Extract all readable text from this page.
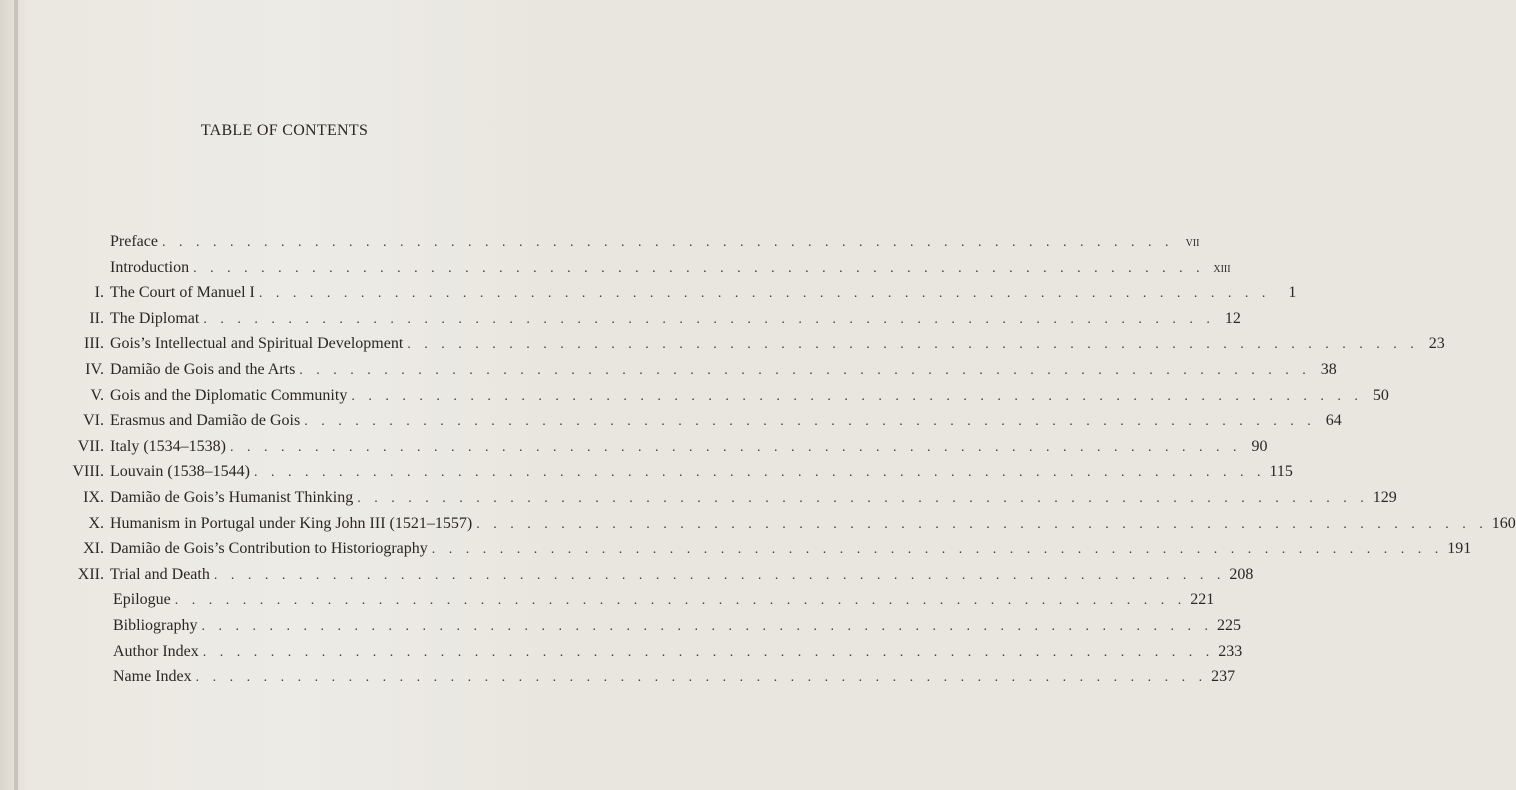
TABLE OF CONTENTS
Preface . . . . . . . . . . . . . . . . . . . . . . . . . . . . . . . . . . . . . . . . . . . . . . . . . . . . . . . . . . . . vii
Introduction . . . . . . . . . . . . . . . . . . . . . . . . . . . . . . . . . . . . . . . . . . . . . . . . . . . . . . . . . . . . xiii
I. The Court of Manuel I . . . . . . . . . . . . . . . . . . . . . . . . . . . . . . . . . . . . . . . . . . . . . . . . . . . . . . . . . . . .	1
II. The Diplomat . . . . . . . . . . . . . . . . . . . . . . . . . . . . . . . . . . . . . . . . . . . . . . . . . . . . . . . . . . . . 12
III. Gois’s Intellectual and Spiritual Development . . . . . . . . . . . . . . . . . . . . . . . . . . . . . . . . . . . . . . . . . . . . . . . . . . . . . . . . . . . . 23
IV. Damião de Gois and the Arts . . . . . . . . . . . . . . . . . . . . . . . . . . . . . . . . . . . . . . . . . . . . . . . . . . . . . . . . . . . . 38
V. Gois and the Diplomatic Community . . . . . . . . . . . . . . . . . . . . . . . . . . . . . . . . . . . . . . . . . . . . . . . . . . . . . . . . . . . . 50
VI. Erasmus and Damião de Gois . . . . . . . . . . . . . . . . . . . . . . . . . . . . . . . . . . . . . . . . . . . . . . . . . . . . . . . . . . . . 64
VII. Italy (1534–1538) . . . . . . . . . . . . . . . . . . . . . . . . . . . . . . . . . . . . . . . . . . . . . . . . . . . . . . . . . . . . 90
VIII. Louvain (1538–1544) . . . . . . . . . . . . . . . . . . . . . . . . . . . . . . . . . . . . . . . . . . . . . . . . . . . . . . . . . . . . 115
IX. Damião de Gois’s Humanist Thinking . . . . . . . . . . . . . . . . . . . . . . . . . . . . . . . . . . . . . . . . . . . . . . . . . . . . . . . . . . . . 129
X. Humanism in Portugal under King John III (1521–1557) . . . . . . . . . . . . . . . . . . . . . . . . . . . . . . . . . . . . . . . . . . . . . . . . . . . . . . . . . . . . 160
XI. Damião de Gois’s Contribution to Historiography . . . . . . . . . . . . . . . . . . . . . . . . . . . . . . . . . . . . . . . . . . . . . . . . . . . . . . . . . . . . 191
XII. Trial and Death . . . . . . . . . . . . . . . . . . . . . . . . . . . . . . . . . . . . . . . . . . . . . . . . . . . . . . . . . . . . 208
Epilogue . . . . . . . . . . . . . . . . . . . . . . . . . . . . . . . . . . . . . . . . . . . . . . . . . . . . . . . . . . . . 221
Bibliography . . . . . . . . . . . . . . . . . . . . . . . . . . . . . . . . . . . . . . . . . . . . . . . . . . . . . . . . . . . . 225
Author Index . . . . . . . . . . . . . . . . . . . . . . . . . . . . . . . . . . . . . . . . . . . . . . . . . . . . . . . . . . . . 233
Name Index . . . . . . . . . . . . . . . . . . . . . . . . . . . . . . . . . . . . . . . . . . . . . . . . . . . . . . . . . . . . 237
